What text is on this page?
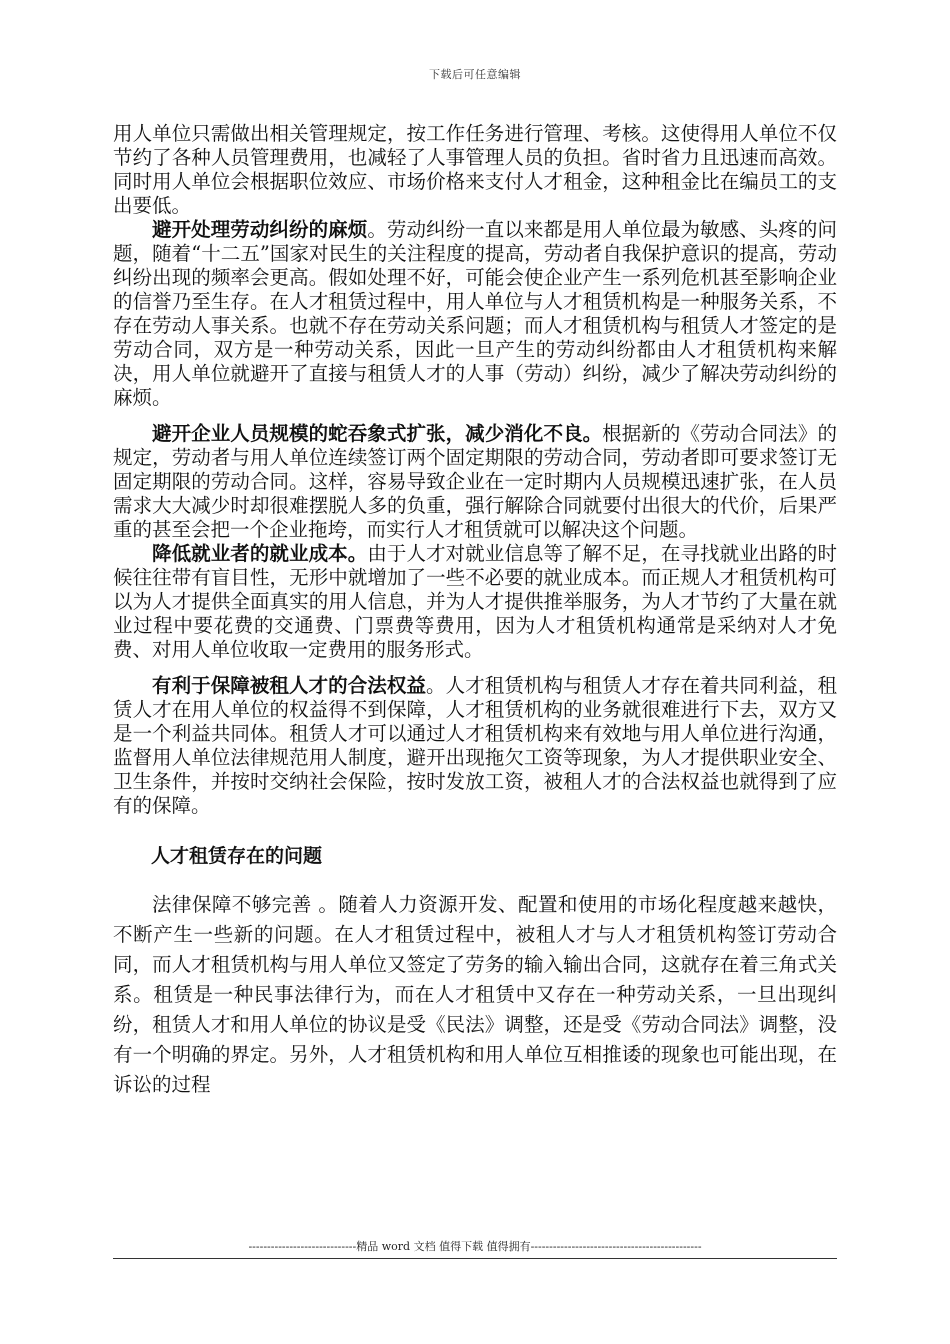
下载后可任意编辑

用人单位只需做出相关管理规定，按工作任务进行管理、考核。这使得用人单位不仅节约了各种人员管理费用，也减轻了人事管理人员的负担。省时省力且迅速而高效。同时用人单位会根据职位效应、市场价格来支付人才租金，这种租金比在编员工的支出要低。

避开处理劳动纠纷的麻烦。劳动纠纷一直以来都是用人单位最为敏感、头疼的问题，随着“十二五”国家对民生的关注程度的提高，劳动者自我保护意识的提高，劳动纠纷出现的频率会更高。假如处理不好，可能会使企业产生一系列危机甚至影响企业的信誉乃至生存。在人才租赁过程中，用人单位与人才租赁机构是一种服务关系，不存在劳动人事关系。也就不存在劳动关系问题；而人才租赁机构与租赁人才签定的是劳动合同，双方是一种劳动关系，因此一旦产生的劳动纠纷都由人才租赁机构来解决，用人单位就避开了直接与租赁人才的人事（劳动）纠纷，减少了解决劳动纠纷的麻烦。

避开企业人员规模的蛇吞象式扩张，减少消化不良。根据新的《劳动合同法》的规定，劳动者与用人单位连续签订两个固定期限的劳动合同，劳动者即可要求签订无固定期限的劳动合同。这样，容易导致企业在一定时期内人员规模迅速扩张，在人员需求大大减少时却很难摆脱人多的负重，强行解除合同就要付出很大的代价，后果严重的甚至会把一个企业拖垮，而实行人才租赁就可以解决这个问题。

降低就业者的就业成本。由于人才对就业信息等了解不足，在寻找就业出路的时候往往带有盲目性，无形中就增加了一些不必要的就业成本。而正规人才租赁机构可以为人才提供全面真实的用人信息，并为人才提供推举服务，为人才节约了大量在就业过程中要花费的交通费、门票费等费用，因为人才租赁机构通常是采纳对人才免费、对用人单位收取一定费用的服务形式。

有利于保障被租人才的合法权益。人才租赁机构与租赁人才存在着共同利益，租赁人才在用人单位的权益得不到保障，人才租赁机构的业务就很难进行下去，双方又是一个利益共同体。租赁人才可以通过人才租赁机构来有效地与用人单位进行沟通，监督用人单位法律规范用人制度，避开出现拖欠工资等现象，为人才提供职业安全、卫生条件，并按时交纳社会保险，按时发放工资，被租人才的合法权益也就得到了应有的保障。

人才租赁存在的问题

法律保障不够完善 。随着人力资源开发、配置和使用的市场化程度越来越快，不断产生一些新的问题。在人才租赁过程中，被租人才与人才租赁机构签订劳动合同，而人才租赁机构与用人单位又签定了劳务的输入输出合同，这就存在着三角式关系。租赁是一种民事法律行为，而在人才租赁中又存在一种劳动关系，一旦出现纠纷，租赁人才和用人单位的协议是受《民法》调整，还是受《劳动合同法》调整，没有一个明确的界定。另外，人才租赁机构和用人单位互相推诿的现象也可能出现，在诉讼的过程

-----------------------------精品 word 文档 值得下载 值得拥有----------------------------------------------
